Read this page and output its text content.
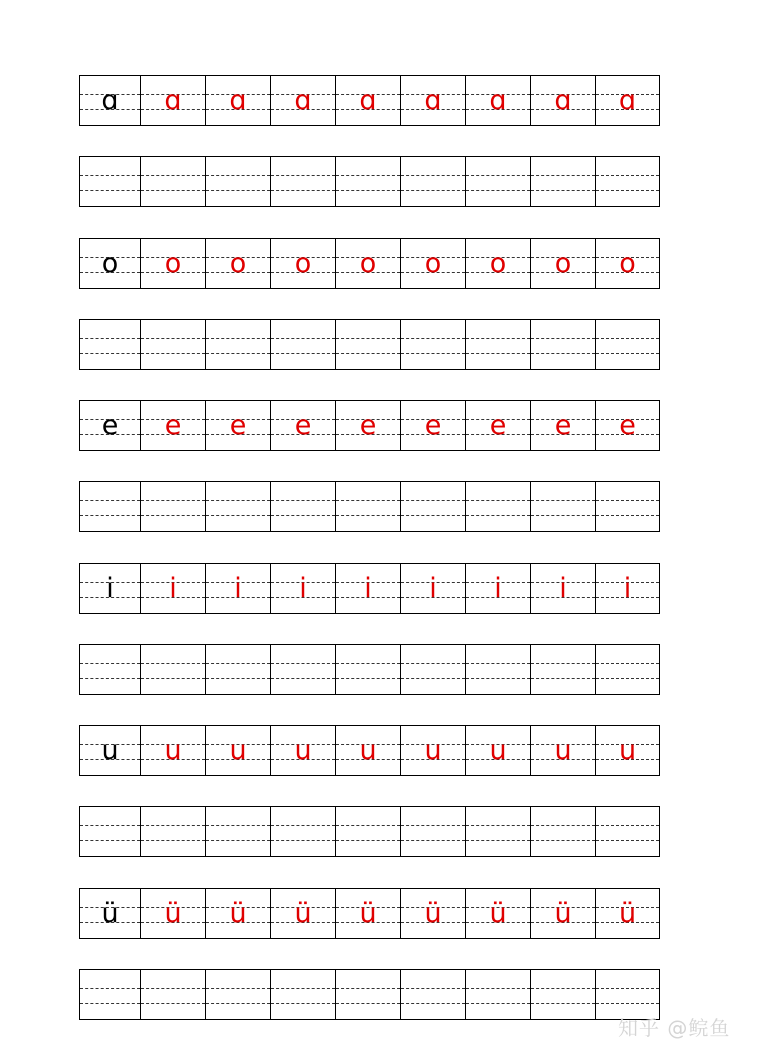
ɑ	ɑ	ɑ	ɑ	ɑ	ɑ	ɑ	ɑ	ɑ
o	o	o	o	o	o	o	o	o
e	e	e	e	e	e	e	e	e
i	i	i	i	i	i	i	i	i
u	u	u	u	u	u	u	u	u
ü	ü	ü	ü	ü	ü	ü	ü	ü
知乎 @鲩鱼
